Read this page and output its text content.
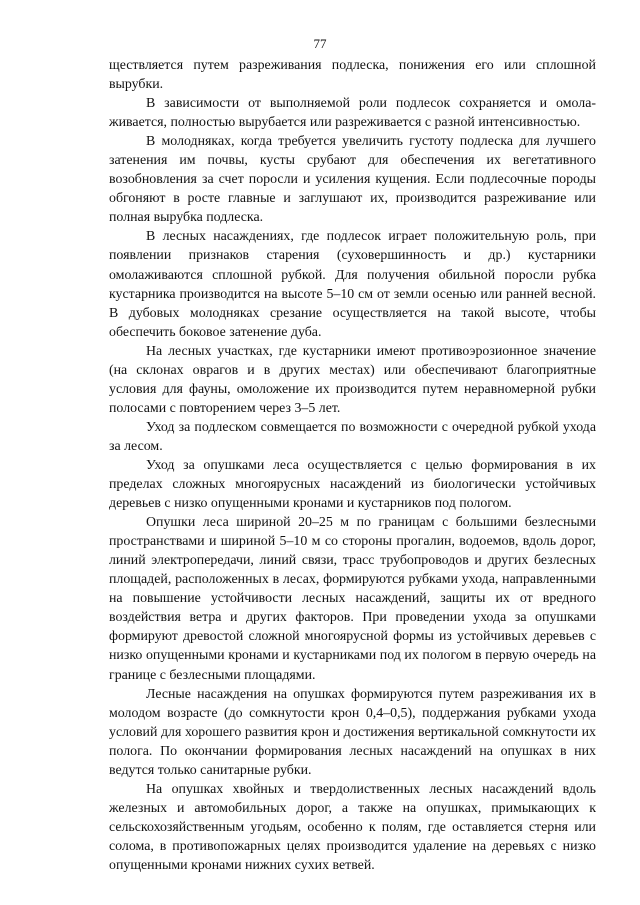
77

ществляется путем разреживания подлеска, понижения его или сплошной вырубки.

В зависимости от выполняемой роли подлесок сохраняется и омолаживается, полностью вырубается или разреживается с разной интенсивностью.

В молодняках, когда требуется увеличить густоту подлеска для лучшего затенения им почвы, кусты срубают для обеспечения их вегетативного возобновления за счет поросли и усиления кущения. Если подлесочные породы обгоняют в росте главные и заглушают их, производится разреживание или полная вырубка подлеска.

В лесных насаждениях, где подлесок играет положительную роль, при появлении признаков старения (суховершинность и др.) кустарники омолаживаются сплошной рубкой. Для получения обильной поросли рубка кустарника производится на высоте 5–10 см от земли осенью или ранней весной. В дубовых молодняках срезание осуществляется на такой высоте, чтобы обеспечить боковое затенение дуба.

На лесных участках, где кустарники имеют противоэрозионное значение (на склонах оврагов и в других местах) или обеспечивают благоприятные условия для фауны, омоложение их производится путем неравномерной рубки полосами с повторением через 3–5 лет.

Уход за подлеском совмещается по возможности с очередной рубкой ухода за лесом.

Уход за опушками леса осуществляется с целью формирования в их пределах сложных многоярусных насаждений из биологически устойчивых деревьев с низко опущенными кронами и кустарников под пологом.

Опушки леса шириной 20–25 м по границам с большими безлесными пространствами и шириной 5–10 м со стороны прогалин, водоемов, вдоль дорог, линий электропередачи, линий связи, трасс трубопроводов и других безлесных площадей, расположенных в лесах, формируются рубками ухода, направленными на повышение устойчивости лесных насаждений, защиты их от вредного воздействия ветра и других факторов. При проведении ухода за опушками формируют древостой сложной многоярусной формы из устойчивых деревьев с низко опущенными кронами и кустарниками под их пологом в первую очередь на границе с безлесными площадями.

Лесные насаждения на опушках формируются путем разреживания их в молодом возрасте (до сомкнутости крон 0,4–0,5), поддержания рубками ухода условий для хорошего развития крон и достижения вертикальной сомкнутости их полога. По окончании формирования лесных насаждений на опушках в них ведутся только санитарные рубки.

На опушках хвойных и твердолиственных лесных насаждений вдоль железных и автомобильных дорог, а также на опушках, примыкающих к сельскохозяйственным угодьям, особенно к полям, где оставляется стерня или солома, в противопожарных целях производится удаление на деревьях с низко опущенными кронами нижних сухих ветвей.
